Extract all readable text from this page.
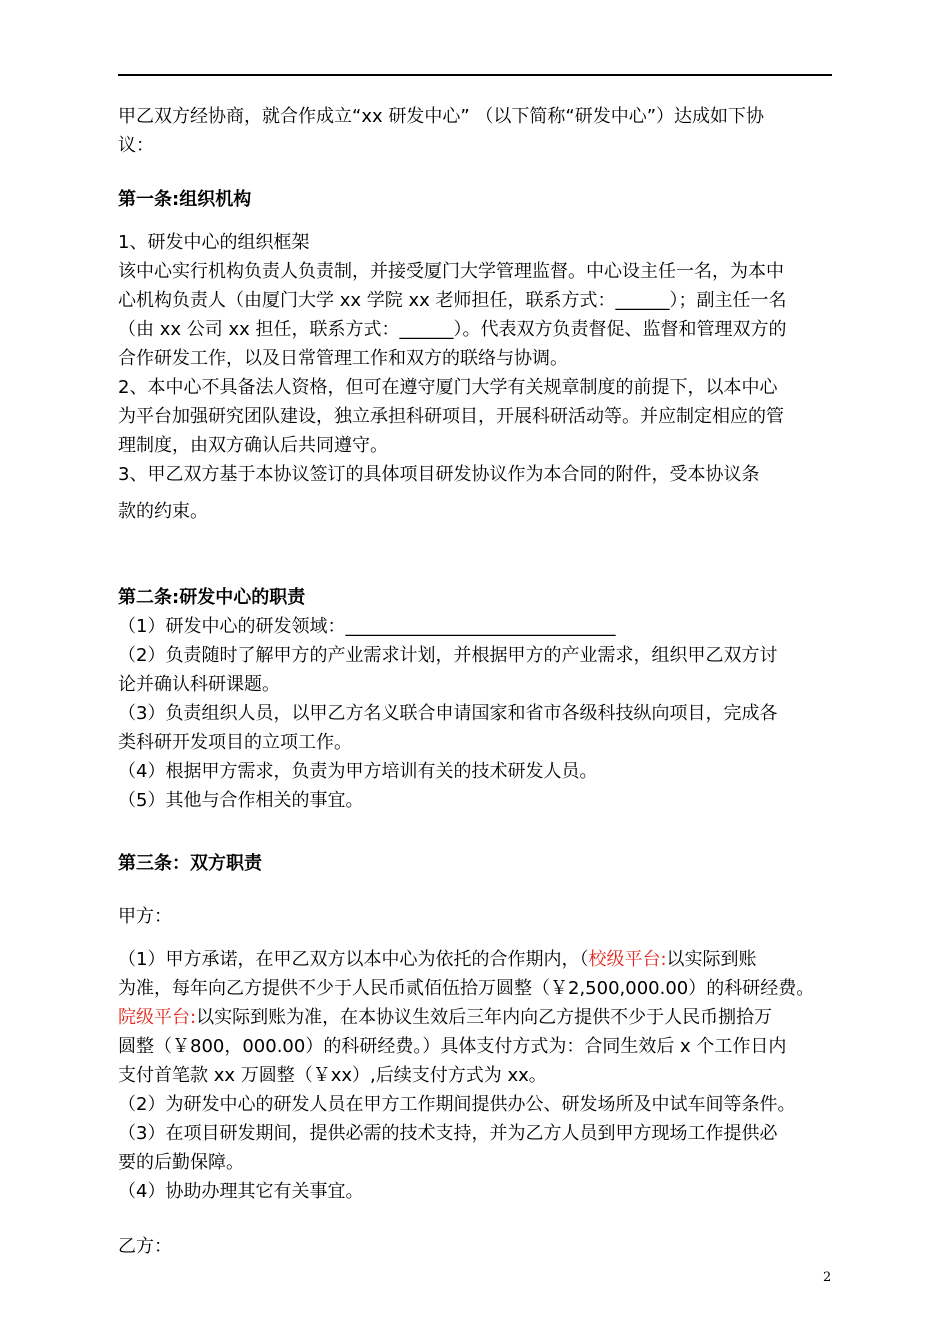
甲乙双方经协商，就合作成立“xx 研发中心” （以下简称“研发中心”）达成如下协
议：
第一条:组织机构
1、研发中心的组织框架
该中心实行机构负责人负责制，并接受厦门大学管理监督。中心设主任一名，为本中
心机构负责人（由厦门大学 xx 学院 xx 老师担任，联系方式：______）；副主任一名
（由 xx 公司 xx 担任，联系方式：______）。代表双方负责督促、监督和管理双方的
合作研发工作，以及日常管理工作和双方的联络与协调。
2、本中心不具备法人资格，但可在遵守厦门大学有关规章制度的前提下，以本中心
为平台加强研究团队建设，独立承担科研项目，开展科研活动等。并应制定相应的管
理制度，由双方确认后共同遵守。
3、甲乙双方基于本协议签订的具体项目研发协议作为本合同的附件，受本协议条
款的约束。
第二条:研发中心的职责
（1）研发中心的研发领域：______________________________
（2）负责随时了解甲方的产业需求计划，并根据甲方的产业需求，组织甲乙双方讨
论并确认科研课题。
（3）负责组织人员，以甲乙方名义联合申请国家和省市各级科技纵向项目，完成各
类科研开发项目的立项工作。
（4）根据甲方需求，负责为甲方培训有关的技术研发人员。
（5）其他与合作相关的事宜。
第三条：双方职责
甲方：
（1）甲方承诺，在甲乙双方以本中心为依托的合作期内，（校级平台:以实际到账
为准，每年向乙方提供不少于人民币贰佰伍拾万圆整（￥2,500,000.00）的科研经费。
院级平台:以实际到账为准，在本协议生效后三年内向乙方提供不少于人民币捌拾万
圆整（￥800，000.00）的科研经费。）具体支付方式为：合同生效后 x 个工作日内
支付首笔款 xx 万圆整（￥xx）,后续支付方式为 xx。
（2）为研发中心的研发人员在甲方工作期间提供办公、研发场所及中试车间等条件。
（3）在项目研发期间，提供必需的技术支持，并为乙方人员到甲方现场工作提供必
要的后勤保障。
（4）协助办理其它有关事宜。
乙方：
2
